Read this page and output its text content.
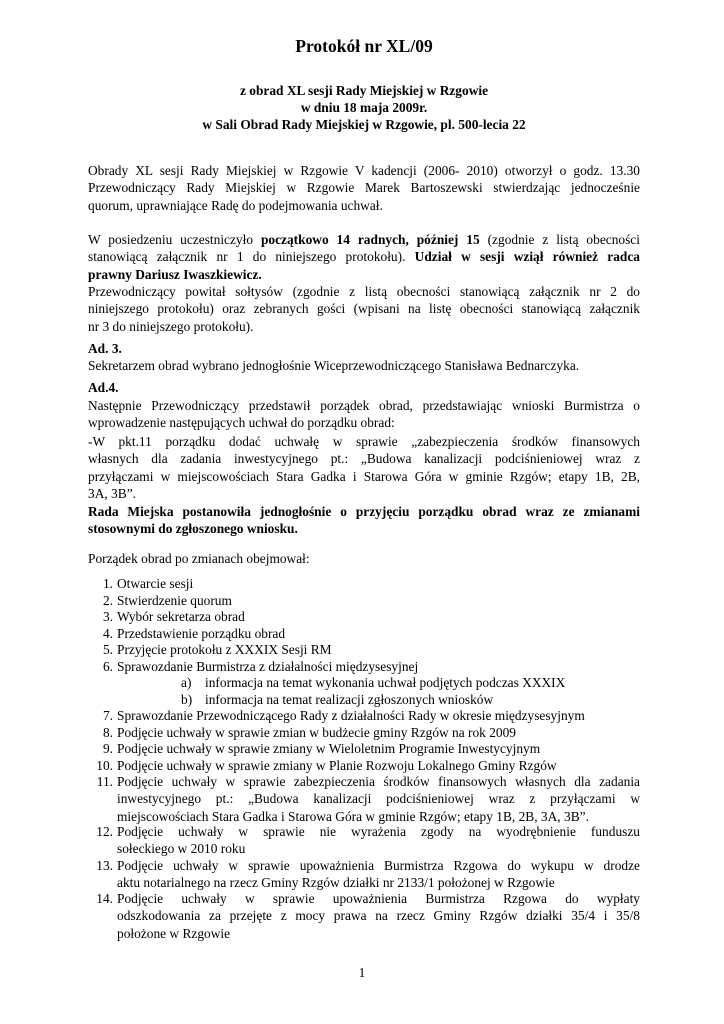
Protokół nr XL/09
z obrad XL sesji Rady Miejskiej w Rzgowie
w dniu 18 maja 2009r.
w Sali Obrad Rady Miejskiej w Rzgowie, pl. 500-lecia 22
Obrady XL sesji Rady Miejskiej w Rzgowie V kadencji (2006- 2010) otworzył o godz. 13.30
Przewodniczący Rady Miejskiej w Rzgowie Marek Bartoszewski stwierdzając jednocześnie
quorum, uprawniające Radę do podejmowania uchwał.
W posiedzeniu uczestniczyło początkowo 14 radnych, później 15 (zgodnie z listą obecności
stanowiącą załącznik nr 1 do niniejszego protokołu). Udział w sesji wziął również radca
prawny Dariusz Iwaszkiewicz.
Przewodniczący powitał sołtysów (zgodnie z listą obecności stanowiącą załącznik nr 2 do
niniejszego protokołu) oraz zebranych gości (wpisani na listę obecności stanowiącą załącznik
nr 3 do niniejszego protokołu).
Ad. 3.
Sekretarzem obrad wybrano jednogłośnie Wiceprzewodniczącego Stanisława Bednarczyka.
Ad.4.
Następnie Przewodniczący przedstawił porządek obrad, przedstawiając wnioski Burmistrza o
wprowadzenie następujących uchwał do porządku obrad:
-W pkt.11 porządku dodać uchwałę w sprawie „zabezpieczenia środków finansowych
własnych dla zadania inwestycyjnego pt.: „Budowa kanalizacji podciśnieniowej wraz z
przyłączami w miejscowościach Stara Gadka i Starowa Góra w gminie Rzgów; etapy 1B, 2B,
3A, 3B”.
Rada Miejska postanowiła jednogłośnie o przyjęciu porządku obrad wraz ze zmianami
stosownymi do zgłoszonego wniosku.
Porządek obrad po zmianach obejmował:
1. Otwarcie sesji
2. Stwierdzenie quorum
3. Wybór sekretarza obrad
4. Przedstawienie porządku obrad
5. Przyjęcie protokołu z XXXIX Sesji RM
6. Sprawozdanie Burmistrza z działalności międzysesyjnej
a) informacja na temat wykonania uchwał podjętych podczas XXXIX
b) informacja na temat realizacji zgłoszonych wniosków
7. Sprawozdanie Przewodniczącego Rady z działalności Rady w okresie międzysesyjnym
8. Podjęcie uchwały w sprawie zmian w budżecie gminy Rzgów na rok 2009
9. Podjęcie uchwały w sprawie zmiany w Wieloletnim Programie Inwestycyjnym
10. Podjęcie uchwały w sprawie zmiany w Planie Rozwoju Lokalnego Gminy Rzgów
11. Podjęcie uchwały w sprawie zabezpieczenia środków finansowych własnych dla zadania
inwestycyjnego pt.: „Budowa kanalizacji podciśnieniowej wraz z przyłączami w
miejscowościach Stara Gadka i Starowa Góra w gminie Rzgów; etapy 1B, 2B, 3A, 3B”.
12. Podjęcie uchwały w sprawie nie wyrażenia zgody na wyodrębnienie funduszu
sołeckiego w 2010 roku
13. Podjęcie uchwały w sprawie upoważnienia Burmistrza Rzgowa do wykupu w drodze
aktu notarialnego na rzecz Gminy Rzgów działki nr 2133/1 położonej w Rzgowie
14. Podjęcie uchwały w sprawie upoważnienia Burmistrza Rzgowa do wypłaty
odszkodowania za przejęte z mocy prawa na rzecz Gminy Rzgów działki 35/4 i 35/8
położone w Rzgowie
1
